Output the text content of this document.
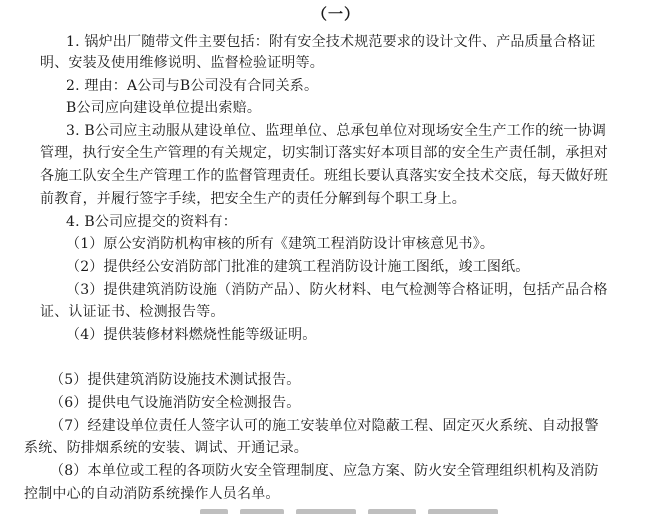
（一）
1. 锅炉出厂随带文件主要包括：附有安全技术规范要求的设计文件、产品质量合格证
明、安装及使用维修说明、监督检验证明等。
2. 理由：A公司与B公司没有合同关系。
B公司应向建设单位提出索赔。
3. B公司应主动服从建设单位、监理单位、总承包单位对现场安全生产工作的统一协调
管理，执行安全生产管理的有关规定，切实制订落实好本项目部的安全生产责任制，承担对
各施工队安全生产管理工作的监督管理责任。班组长要认真落实安全技术交底，每天做好班
前教育，并履行签字手续，把安全生产的责任分解到每个职工身上。
4. B公司应提交的资料有：
（1）原公安消防机构审核的所有《建筑工程消防设计审核意见书》。
（2）提供经公安消防部门批准的建筑工程消防设计施工图纸，竣工图纸。
（3）提供建筑消防设施（消防产品）、防火材料、电气检测等合格证明，包括产品合格
证、认证证书、检测报告等。
（4）提供装修材料燃烧性能等级证明。
（5）提供建筑消防设施技术测试报告。
（6）提供电气设施消防安全检测报告。
（7）经建设单位责任人签字认可的施工安装单位对隐蔽工程、固定灭火系统、自动报警
系统、防排烟系统的安装、调试、开通记录。
（8）本单位或工程的各项防火安全管理制度、应急方案、防火安全管理组织机构及消防
控制中心的自动消防系统操作人员名单。
